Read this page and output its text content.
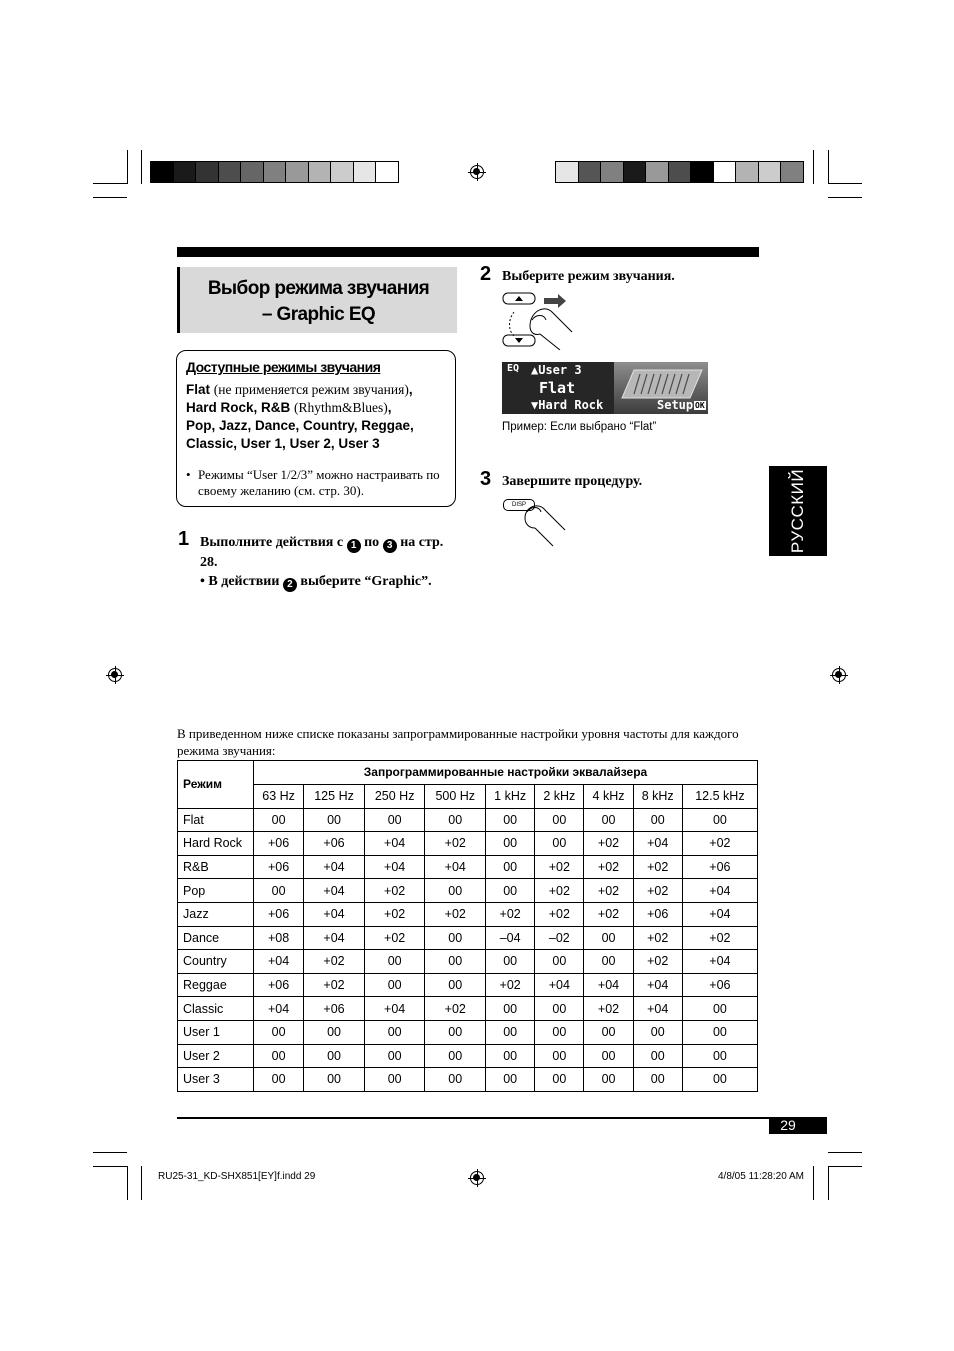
Выбор режима звучания
– Graphic EQ
Доступные режимы звучания
Flat (не применяется режим звучания),
Hard Rock, R&B (Rhythm&Blues),
Pop, Jazz, Dance, Country, Reggae,
Classic, User 1, User 2, User 3
• Режимы “User 1/2/3” можно настраивать по своему желанию (см. стр. 30).
1 Выполните действия с 1 по 3 на стр. 28.
• В действии 2 выберите “Graphic”.
2 Выберите режим звучания.
EQ ▲User 3
Flat
▼Hard Rock	Setup OK
Пример: Если выбрано “Flat”
3 Завершите процедуру.
DISP	РУССКИЙ
В приведенном ниже списке показаны запрограммированные настройки уровня частоты для каждого режима звучания:
Режим	Запрограммированные настройки эквалайзера								
	63 Hz	125 Hz	250 Hz	500 Hz	1 kHz	2 kHz	4 kHz	8 kHz	12.5 kHz
Flat	00	00	00	00	00	00	00	00	00
Hard Rock	+06	+06	+04	+02	00	00	+02	+04	+02
R&B	+06	+04	+04	+04	00	+02	+02	+02	+06
Pop	00	+04	+02	00	00	+02	+02	+02	+04
Jazz	+06	+04	+02	+02	+02	+02	+02	+06	+04
Dance	+08	+04	+02	00	–04	–02	00	+02	+02
Country	+04	+02	00	00	00	00	00	+02	+04
Reggae	+06	+02	00	00	+02	+04	+04	+04	+06
Classic	+04	+06	+04	+02	00	00	+02	+04	00
User 1	00	00	00	00	00	00	00	00	00
User 2	00	00	00	00	00	00	00	00	00
User 3	00	00	00	00	00	00	00	00	00
29
RU25-31_KD-SHX851[EY]f.indd 29	4/8/05 11:28:20 AM
